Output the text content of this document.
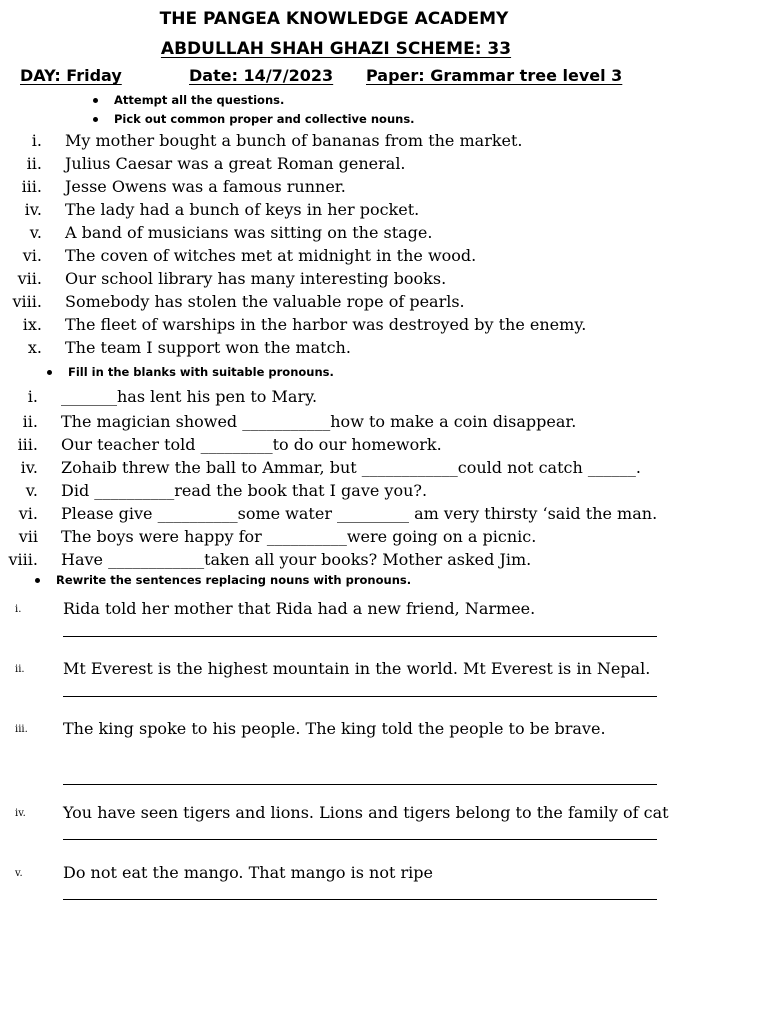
THE PANGEA KNOWLEDGE ACADEMY
ABDULLAH SHAH GHAZI SCHEME: 33
DAY: Friday	Date: 14/7/2023 Paper: Grammar tree level 3
Attempt all the questions.
Pick out common proper and collective nouns.
i. My mother bought a bunch of bananas from the market.
ii. Julius Caesar was a great Roman general.
iii. Jesse Owens was a famous runner.
iv. The lady had a bunch of keys in her pocket.
v. A band of musicians was sitting on the stage.
vi. The coven of witches met at midnight in the wood.
vii. Our school library has many interesting books.
viii. Somebody has stolen the valuable rope of pearls.
ix. The fleet of warships in the harbor was destroyed by the enemy.
x. The team I support won the match.
Fill in the blanks with suitable pronouns.
i. _______has lent his pen to Mary.
ii. The magician showed ___________how to make a coin disappear.
iii. Our teacher told _________to do our homework.
iv. Zohaib threw the ball to Ammar, but ____________could not catch ______.
v. Did __________read the book that I gave you?.
vi. Please give __________some water _________ am very thirsty ‘said the man.
vii The boys were happy for __________were going on a picnic.
viii. Have ____________taken all your books? Mother asked Jim.
Rewrite the sentences replacing nouns with pronouns.
i.	Rida told her mother that Rida had a new friend, Narmee.
ii. Mt Everest is the highest mountain in the world. Mt Everest is in Nepal.
iii. The king spoke to his people. The king told the people to be brave.
iv. You have seen tigers and lions. Lions and tigers belong to the family of cat
v.	Do not eat the mango. That mango is not ripe
